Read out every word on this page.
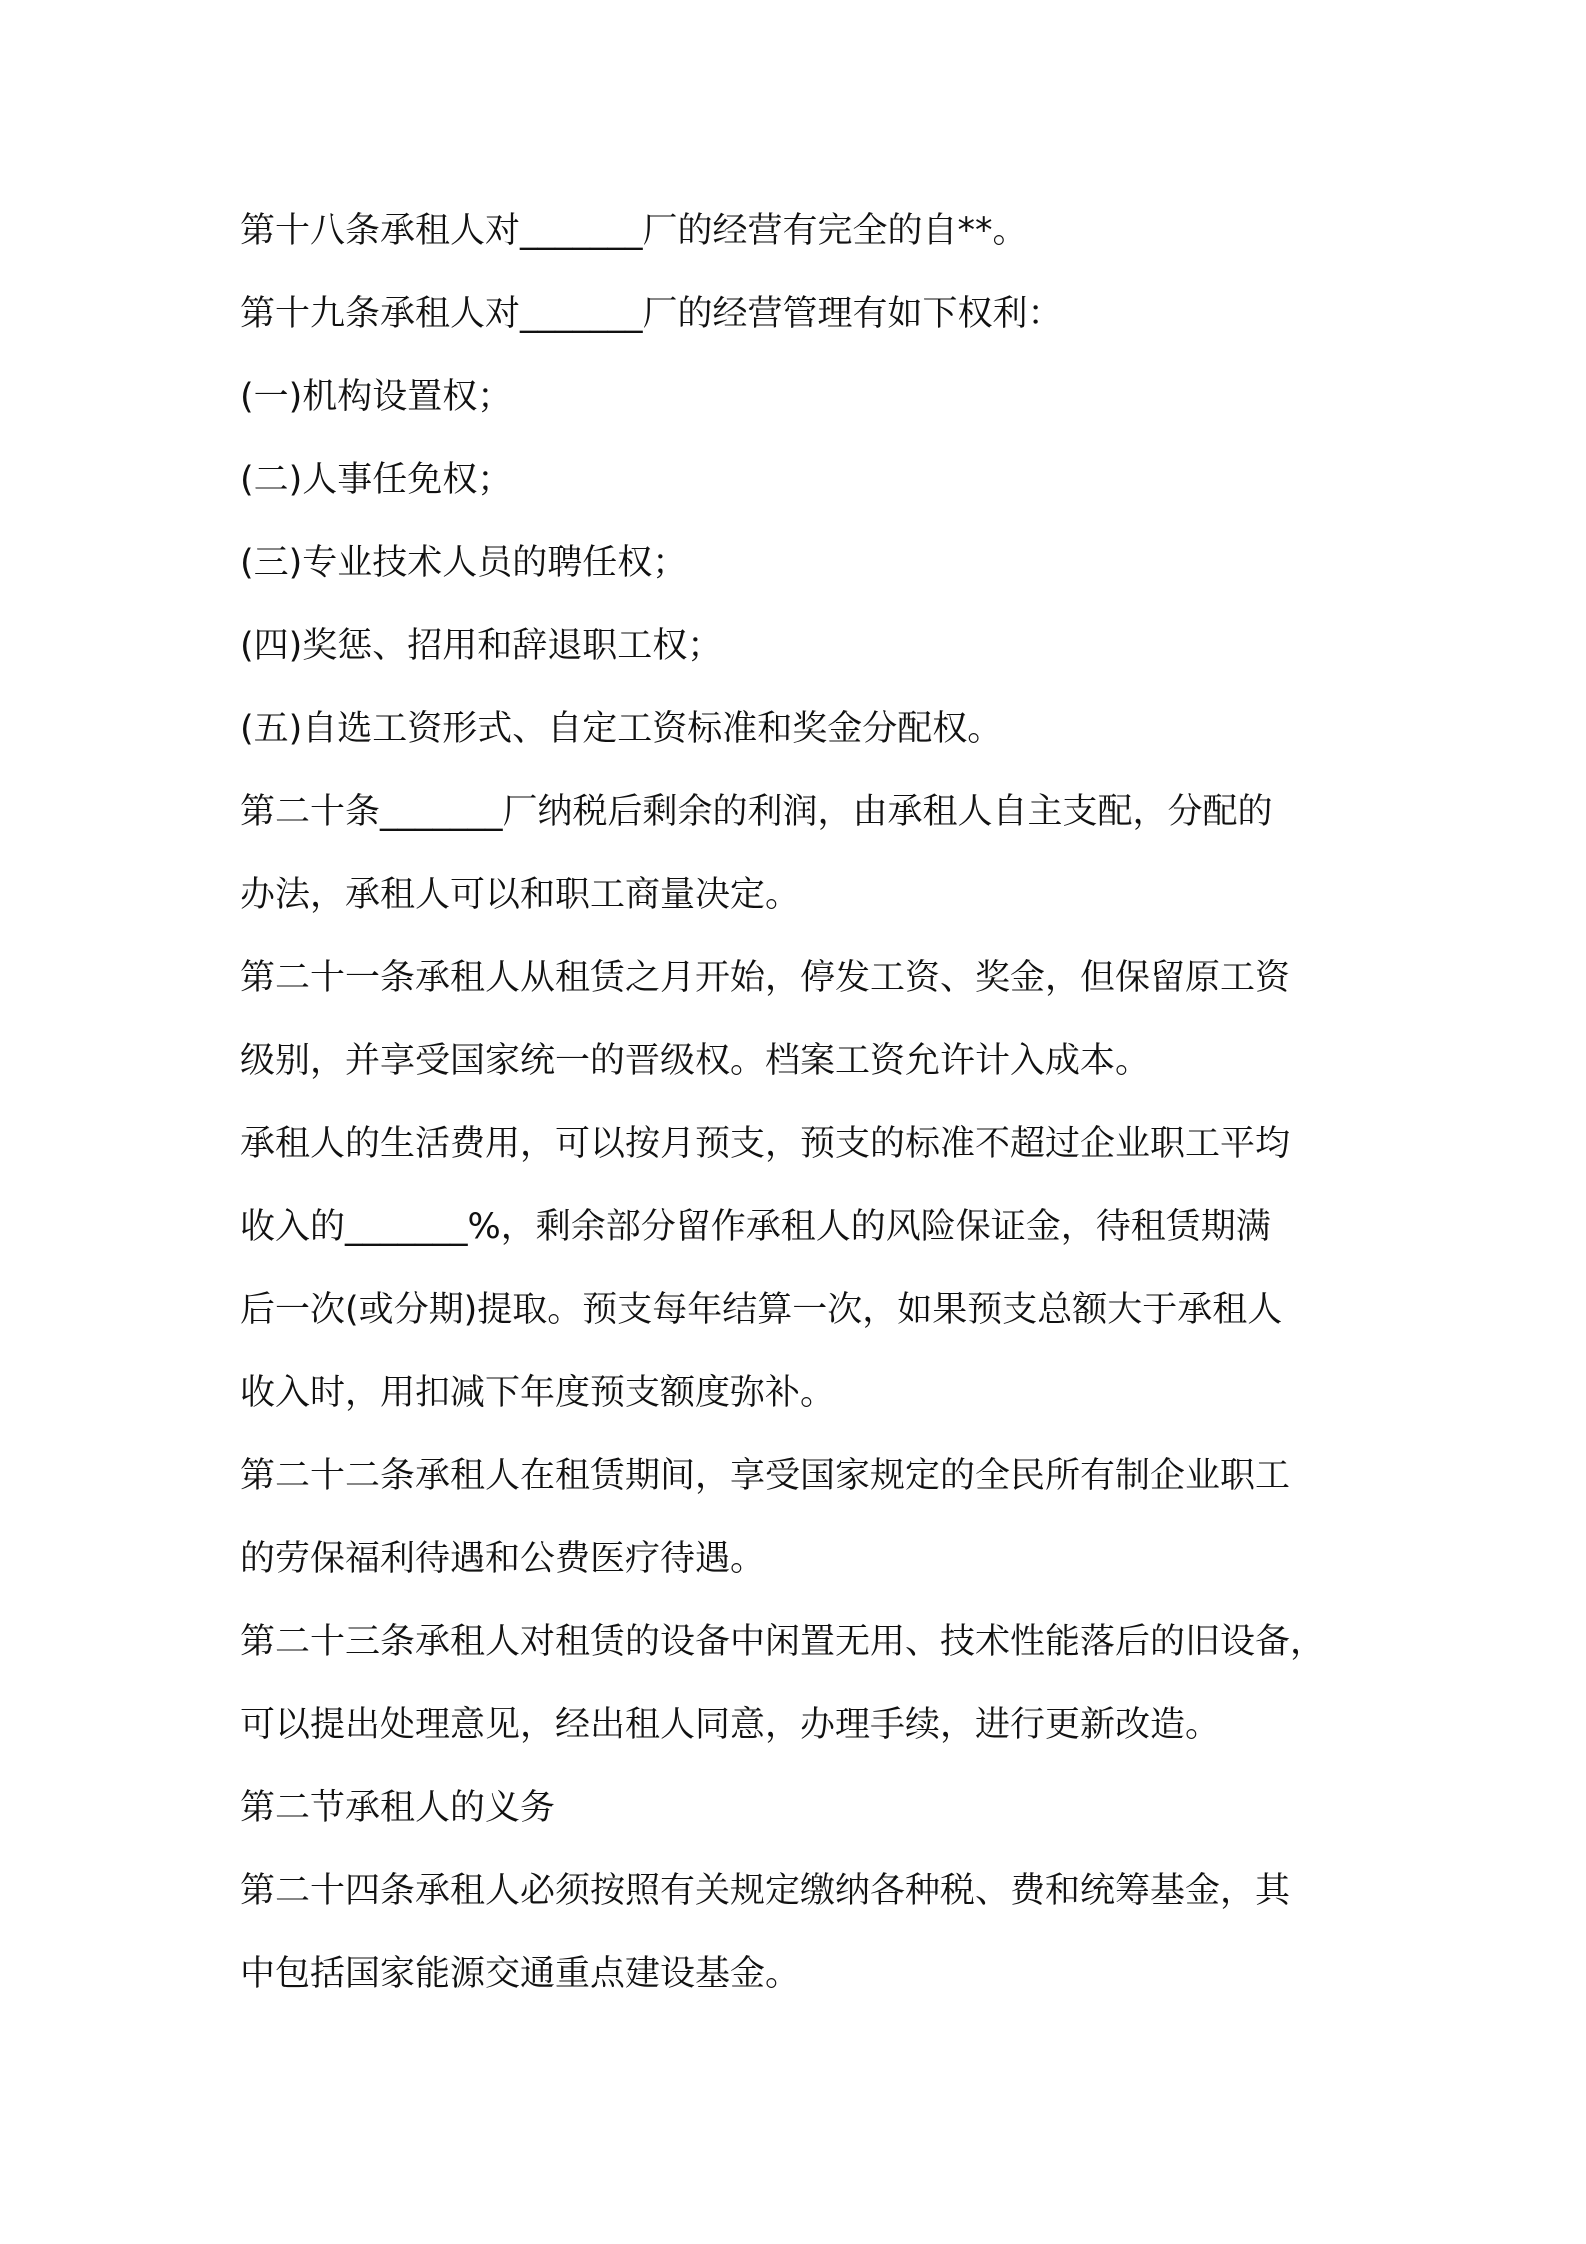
第十八条承租人对_______厂的经营有完全的自**。
第十九条承租人对_______厂的经营管理有如下权利：
(一)机构设置权；
(二)人事任免权；
(三)专业技术人员的聘任权；
(四)奖惩、招用和辞退职工权；
(五)自选工资形式、自定工资标准和奖金分配权。
第二十条_______厂纳税后剩余的利润，由承租人自主支配，分配的
办法，承租人可以和职工商量决定。
第二十一条承租人从租赁之月开始，停发工资、奖金，但保留原工资
级别，并享受国家统一的晋级权。档案工资允许计入成本。
承租人的生活费用，可以按月预支，预支的标准不超过企业职工平均
收入的_______%，剩余部分留作承租人的风险保证金，待租赁期满
后一次(或分期)提取。预支每年结算一次，如果预支总额大于承租人
收入时，用扣减下年度预支额度弥补。
第二十二条承租人在租赁期间，享受国家规定的全民所有制企业职工
的劳保福利待遇和公费医疗待遇。
第二十三条承租人对租赁的设备中闲置无用、技术性能落后的旧设备，
可以提出处理意见，经出租人同意，办理手续，进行更新改造。
第二节承租人的义务
第二十四条承租人必须按照有关规定缴纳各种税、费和统筹基金，其
中包括国家能源交通重点建设基金。
